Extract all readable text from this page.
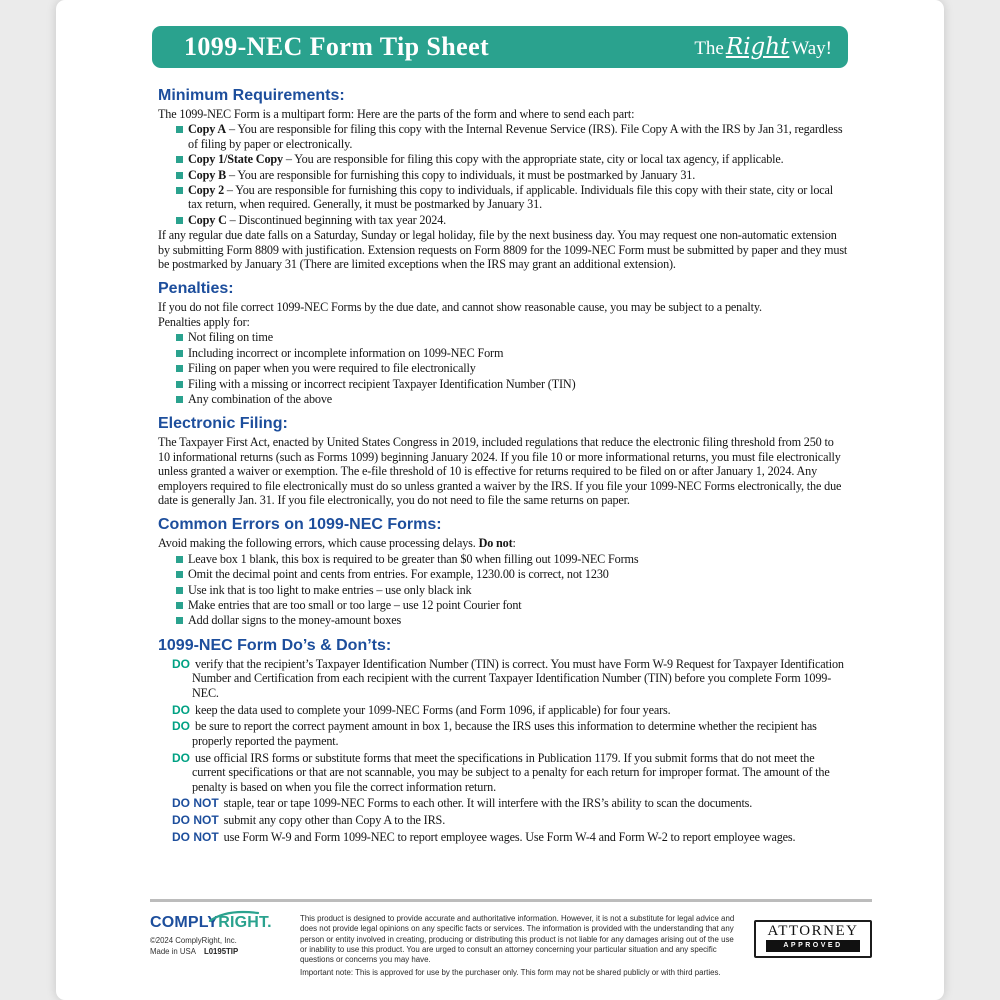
1099-NEC Form Tip Sheet	The Right Way!
Minimum Requirements:

The 1099-NEC Form is a multipart form: Here are the parts of the form and where to send each part:

Copy A – You are responsible for filing this copy with the Internal Revenue Service (IRS). File Copy A with the IRS by Jan 31, regardless of filing by paper or electronically.
Copy 1/State Copy – You are responsible for filing this copy with the appropriate state, city or local tax agency, if applicable.
Copy B – You are responsible for furnishing this copy to individuals, it must be postmarked by January 31.
Copy 2 – You are responsible for furnishing this copy to individuals, if applicable. Individuals file this copy with their state, city or local tax return, when required. Generally, it must be postmarked by January 31.
Copy C – Discontinued beginning with tax year 2024.

If any regular due date falls on a Saturday, Sunday or legal holiday, file by the next business day. You may request one non-automatic extension by submitting Form 8809 with justification. Extension requests on Form 8809 for the 1099-NEC Form must be submitted by paper and they must be postmarked by January 31 (There are limited exceptions when the IRS may grant an additional extension).

Penalties:

If you do not file correct 1099-NEC Forms by the due date, and cannot show reasonable cause, you may be subject to a penalty.

Penalties apply for:

Not filing on time
Including incorrect or incomplete information on 1099-NEC Form
Filing on paper when you were required to file electronically
Filing with a missing or incorrect recipient Taxpayer Identification Number (TIN)
Any combination of the above
Electronic Filing:

The Taxpayer First Act, enacted by United States Congress in 2019, included regulations that reduce the electronic filing threshold from 250 to 10 informational returns (such as Forms 1099) beginning January 2024. If you file 10 or more informational returns, you must file electronically unless granted a waiver or exemption. The e-file threshold of 10 is effective for returns required to be filed on or after January 1, 2024. Any employers required to file electronically must do so unless granted a waiver by the IRS. If you file your 1099-NEC Forms electronically, the due date is generally Jan. 31. If you file electronically, you do not need to file the same returns on paper.

Common Errors on 1099-NEC Forms:

Avoid making the following errors, which cause processing delays. Do not:

Leave box 1 blank, this box is required to be greater than $0 when filling out 1099-NEC Forms
Omit the decimal point and cents from entries. For example, 1230.00 is correct, not 1230
Use ink that is too light to make entries – use only black ink
Make entries that are too small or too large – use 12 point Courier font
Add dollar signs to the money-amount boxes
1099-NEC Form Do’s & Don’ts:
DO verify that the recipient’s Taxpayer Identification Number (TIN) is correct. You must have Form W-9 Request for Taxpayer Identification Number and Certification from each recipient with the current Taxpayer Identification Number (TIN) before you complete Form 1099-NEC.
DO keep the data used to complete your 1099-NEC Forms (and Form 1096, if applicable) for four years.
DO be sure to report the correct payment amount in box 1, because the IRS uses this information to determine whether the recipient has properly reported the payment.
DO use official IRS forms or substitute forms that meet the specifications in Publication 1179. If you submit forms that do not meet the current specifications or that are not scannable, you may be subject to a penalty for each return for improper format. The amount of the penalty is based on when you file the correct information return.
DO NOT staple, tear or tape 1099-NEC Forms to each other. It will interfere with the IRS’s ability to scan the documents.
DO NOT submit any copy other than Copy A to the IRS.
DO NOT use Form W-9 and Form 1099-NEC to report employee wages. Use Form W-4 and Form W-2 to report employee wages.
COMPLYRIGHT.
©2024 ComplyRight, Inc.
Made in USA L0195TIP
This product is designed to provide accurate and authoritative information. However, it is not a substitute for legal advice and does not provide legal opinions on any specific facts or services. The information is provided with the understanding that any person or entity involved in creating, producing or distributing this product is not liable for any damages arising out of the use or inability to use this product. You are urged to consult an attorney concerning your particular situation and any specific questions or concerns you may have.
Important note: This is approved for use by the purchaser only. This form may not be shared publicly or with third parties.
ATTORNEY
APPROVED
